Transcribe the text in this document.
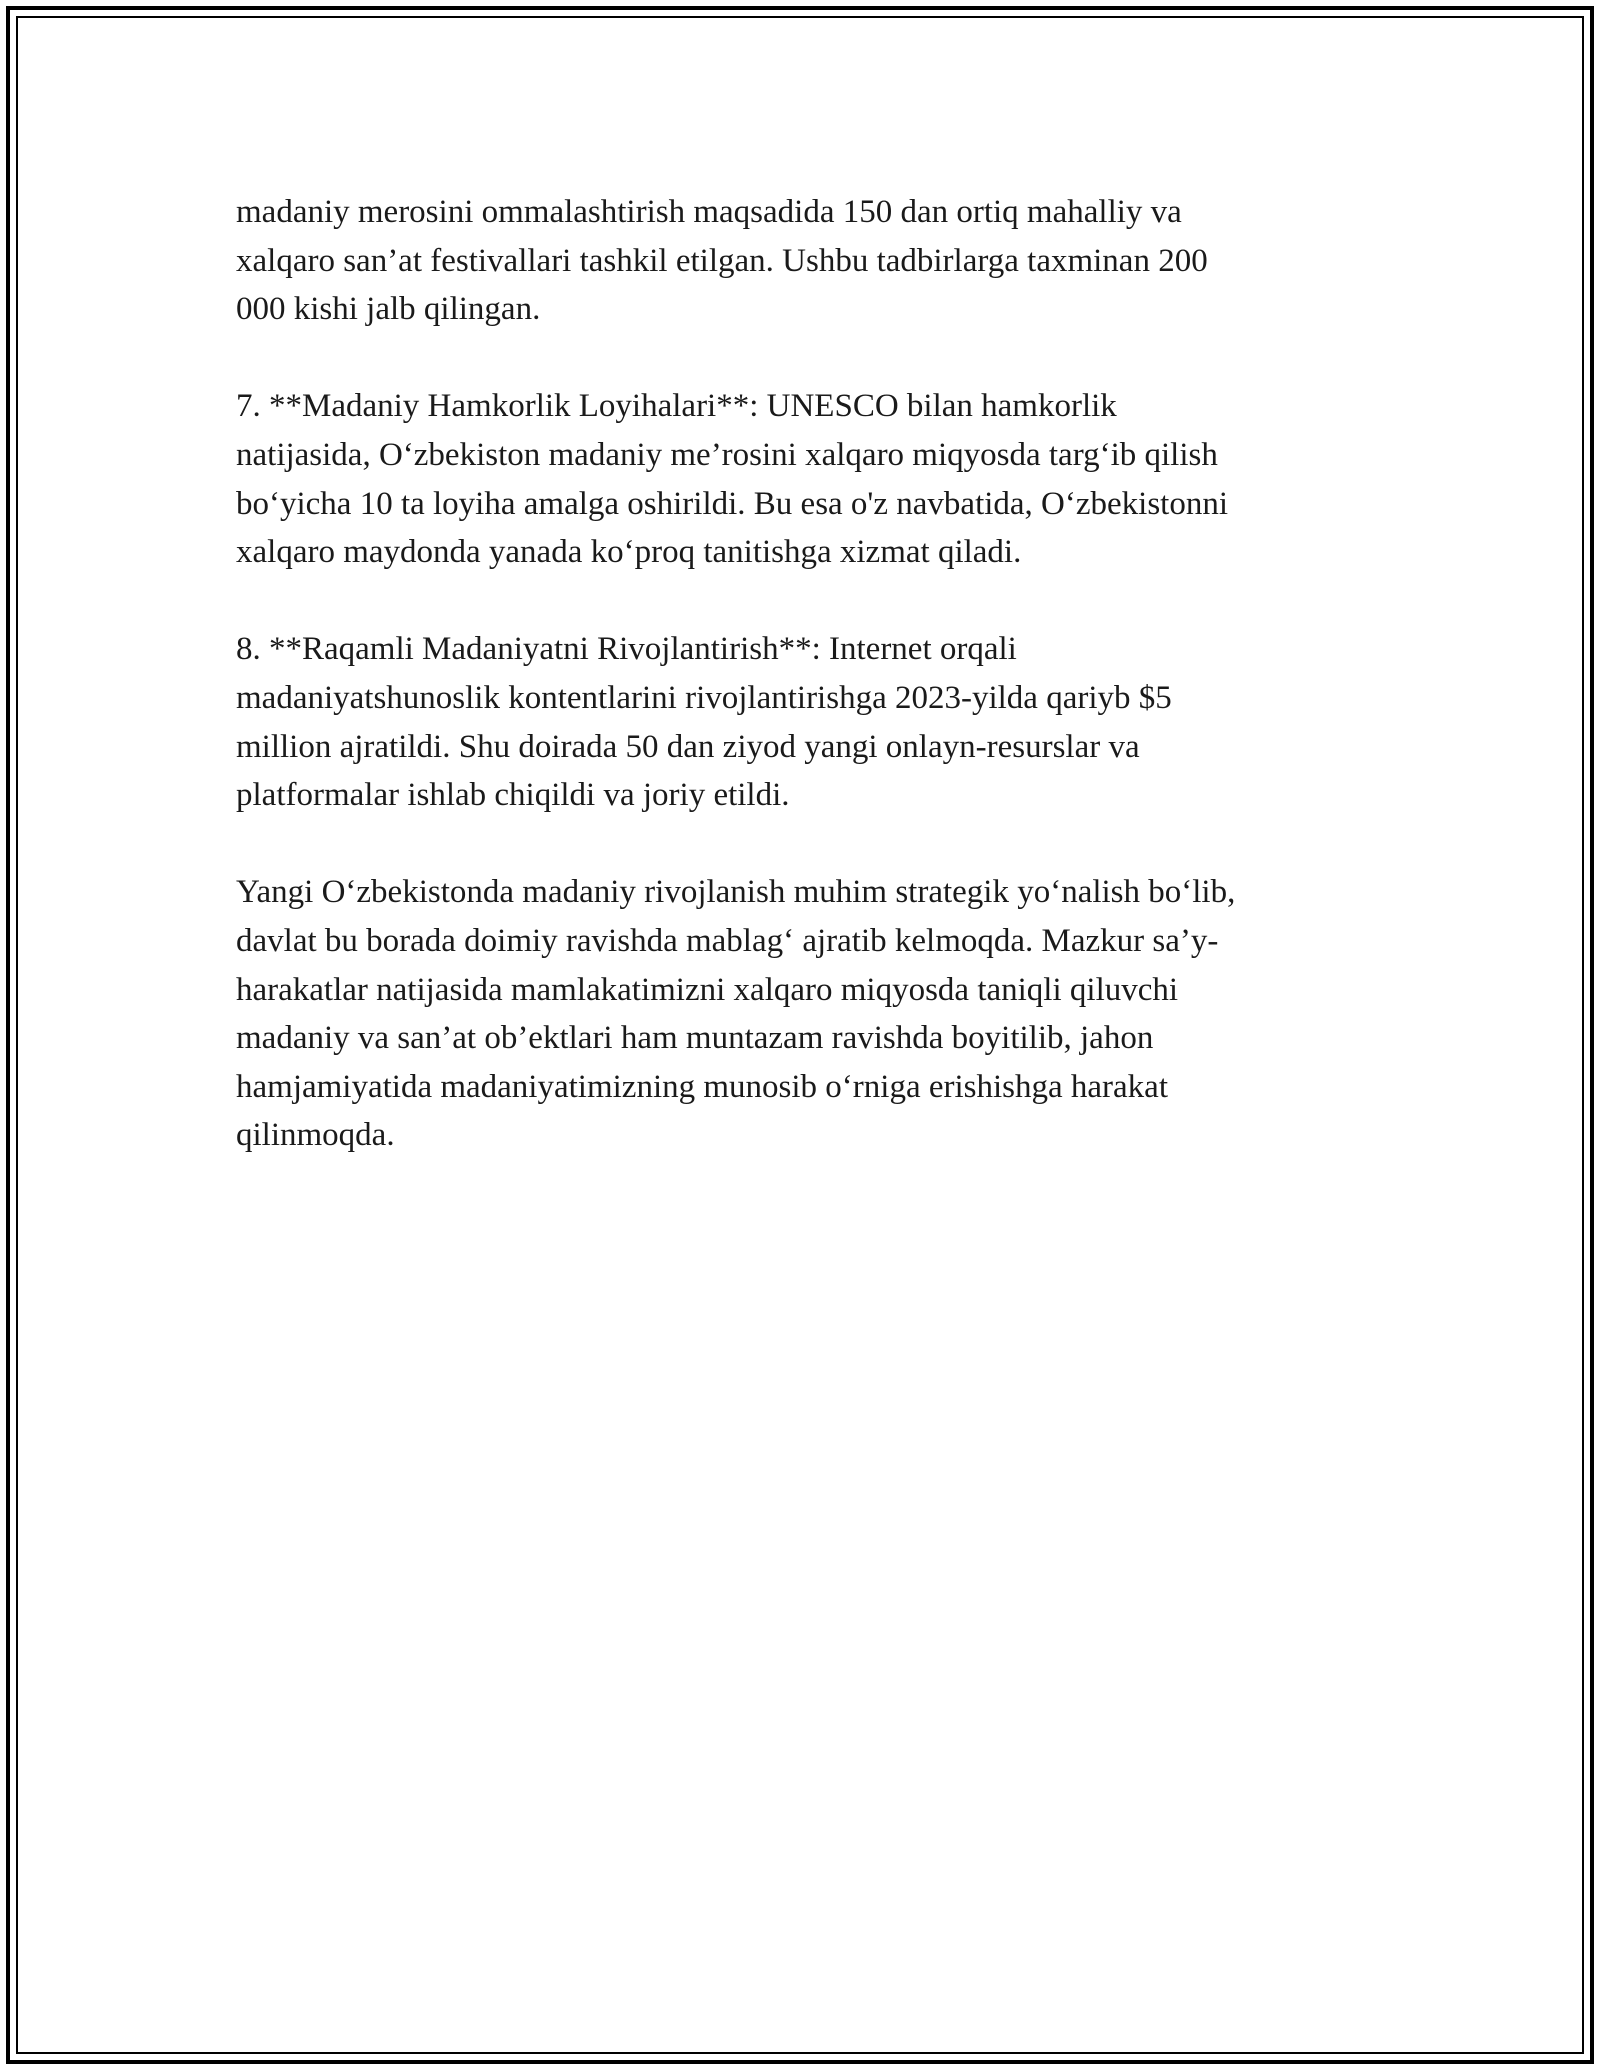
madaniy merosini ommalashtirish maqsadida 150 dan ortiq mahalliy va
xalqaro san’at festivallari tashkil etilgan. Ushbu tadbirlarga taxminan 200
000 kishi jalb qilingan.

7. **Madaniy Hamkorlik Loyihalari**: UNESCO bilan hamkorlik
natijasida, O‘zbekiston madaniy me’rosini xalqaro miqyosda targ‘ib qilish
bo‘yicha 10 ta loyiha amalga oshirildi. Bu esa o'z navbatida, O‘zbekistonni
xalqaro maydonda yanada ko‘proq tanitishga xizmat qiladi.

8. **Raqamli Madaniyatni Rivojlantirish**: Internet orqali
madaniyatshunoslik kontentlarini rivojlantirishga 2023-yilda qariyb $5
million ajratildi. Shu doirada 50 dan ziyod yangi onlayn-resurslar va
platformalar ishlab chiqildi va joriy etildi.

Yangi O‘zbekistonda madaniy rivojlanish muhim strategik yo‘nalish bo‘lib,
davlat bu borada doimiy ravishda mablag‘ ajratib kelmoqda. Mazkur sa’y-
harakatlar natijasida mamlakatimizni xalqaro miqyosda taniqli qiluvchi
madaniy va san’at ob’ektlari ham muntazam ravishda boyitilib, jahon
hamjamiyatida madaniyatimizning munosib o‘rniga erishishga harakat
qilinmoqda.
